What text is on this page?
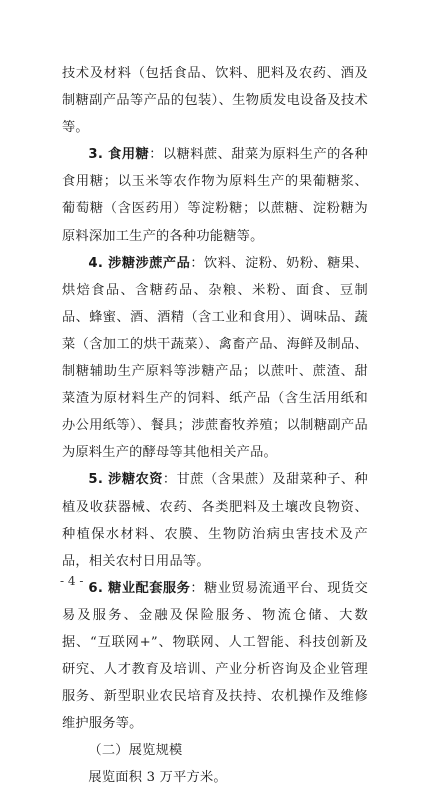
技术及材料（包括食品、饮料、肥料及农药、酒及制糖副产品等产品的包装）、生物质发电设备及技术等。

3. 食用糖：以糖料蔗、甜菜为原料生产的各种食用糖；以玉米等农作物为原料生产的果葡糖浆、葡萄糖（含医药用）等淀粉糖；以蔗糖、淀粉糖为原料深加工生产的各种功能糖等。

4. 涉糖涉蔗产品：饮料、淀粉、奶粉、糖果、烘焙食品、含糖药品、杂粮、米粉、面食、豆制品、蜂蜜、酒、酒精（含工业和食用）、调味品、蔬菜（含加工的烘干蔬菜）、禽畜产品、海鲜及制品、制糖辅助生产原料等涉糖产品；以蔗叶、蔗渣、甜菜渣为原材料生产的饲料、纸产品（含生活用纸和办公用纸等）、餐具；涉蔗畜牧养殖；以制糖副产品为原料生产的酵母等其他相关产品。

5. 涉糖农资：甘蔗（含果蔗）及甜菜种子、种植及收获器械、农药、各类肥料及土壤改良物资、种植保水材料、农膜、生物防治病虫害技术及产品，相关农村日用品等。

6. 糖业配套服务：糖业贸易流通平台、现货交易及服务、金融及保险服务、物流仓储、大数据、“互联网+”、物联网、人工智能、科技创新及研究、人才教育及培训、产业分析咨询及企业管理服务、新型职业农民培育及扶持、农机操作及维修维护服务等。

（二）展览规模

展览面积 3 万平方米。

- 4 -
